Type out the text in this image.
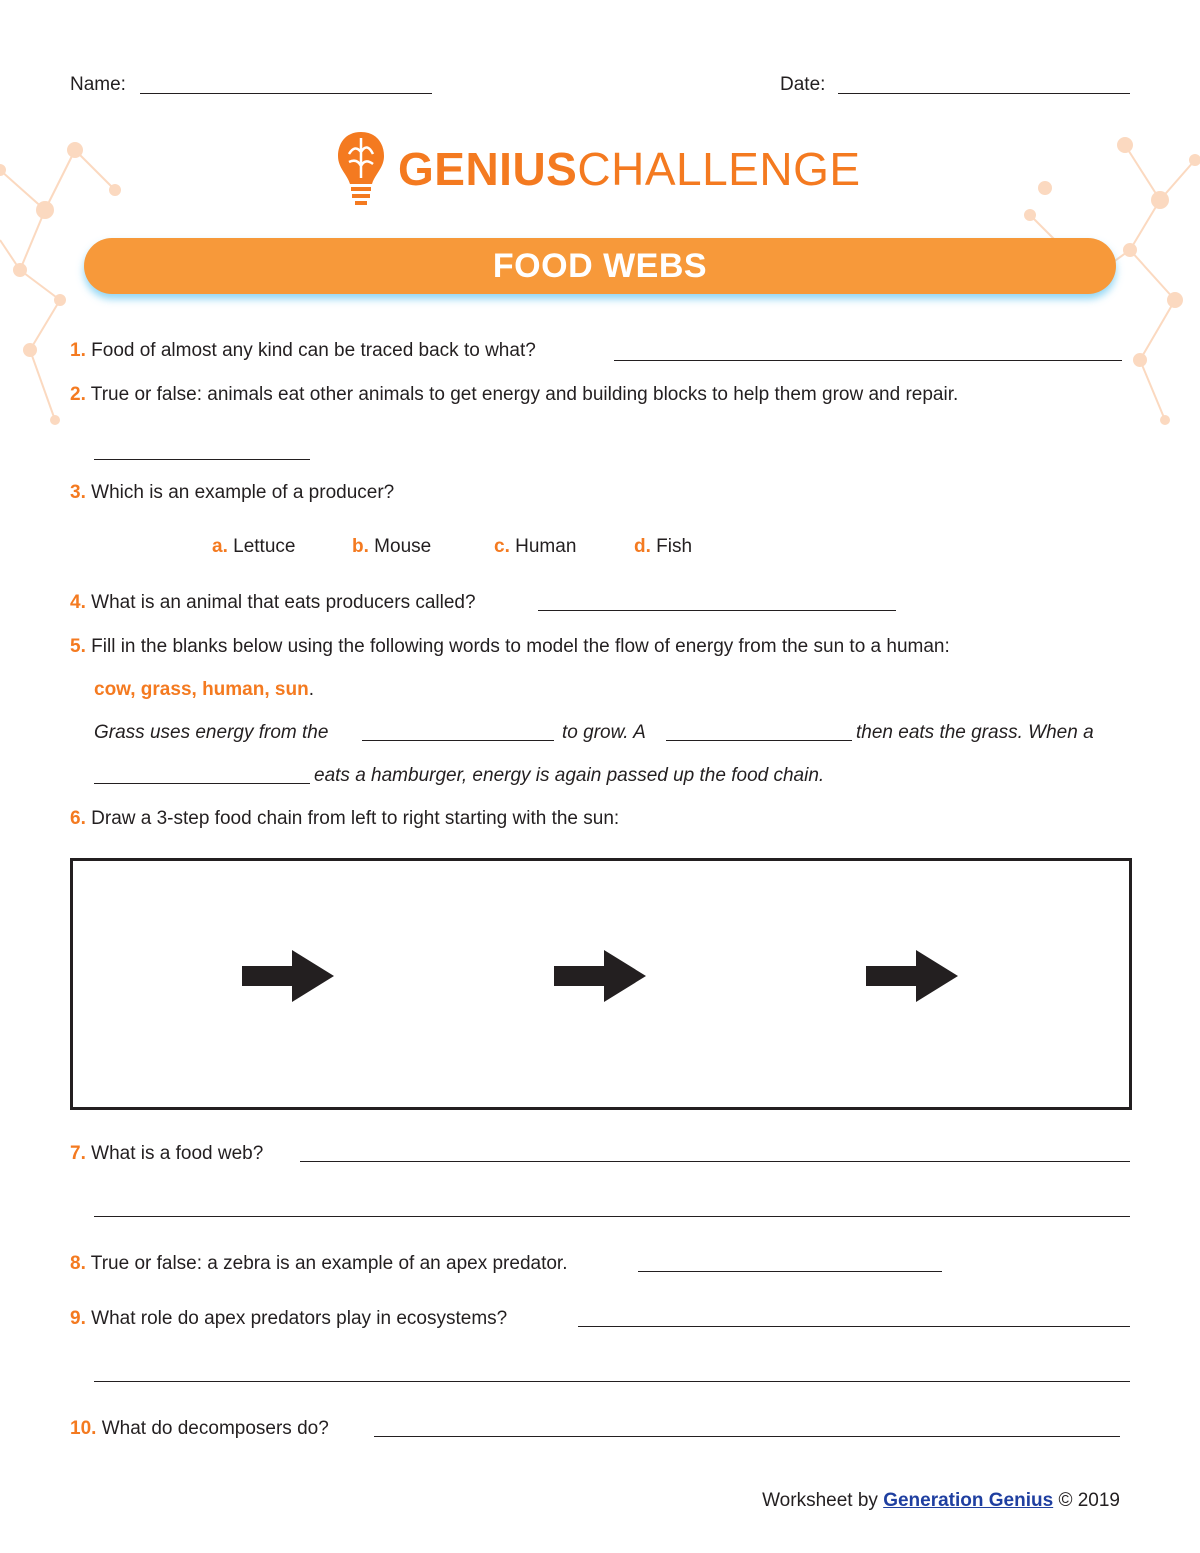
Name:	Date:
GENIUSCHALLENGE
FOOD WEBS
1. Food of almost any kind can be traced back to what?
2. True or false: animals eat other animals to get energy and building blocks to help them grow and repair.
3. Which is an example of a producer?
a. Lettuce	b. Mouse	c. Human	d. Fish
4. What is an animal that eats producers called?
5. Fill in the blanks below using the following words to model the flow of energy from the sun to a human:
cow, grass, human, sun.
Grass uses energy from the	to grow. A	then eats the grass. When a
eats a hamburger, energy is again passed up the food chain.
6. Draw a 3-step food chain from left to right starting with the sun:
7. What is a food web?
8. True or false: a zebra is an example of an apex predator.
9. What role do apex predators play in ecosystems?
10. What do decomposers do?
Worksheet by Generation Genius © 2019
